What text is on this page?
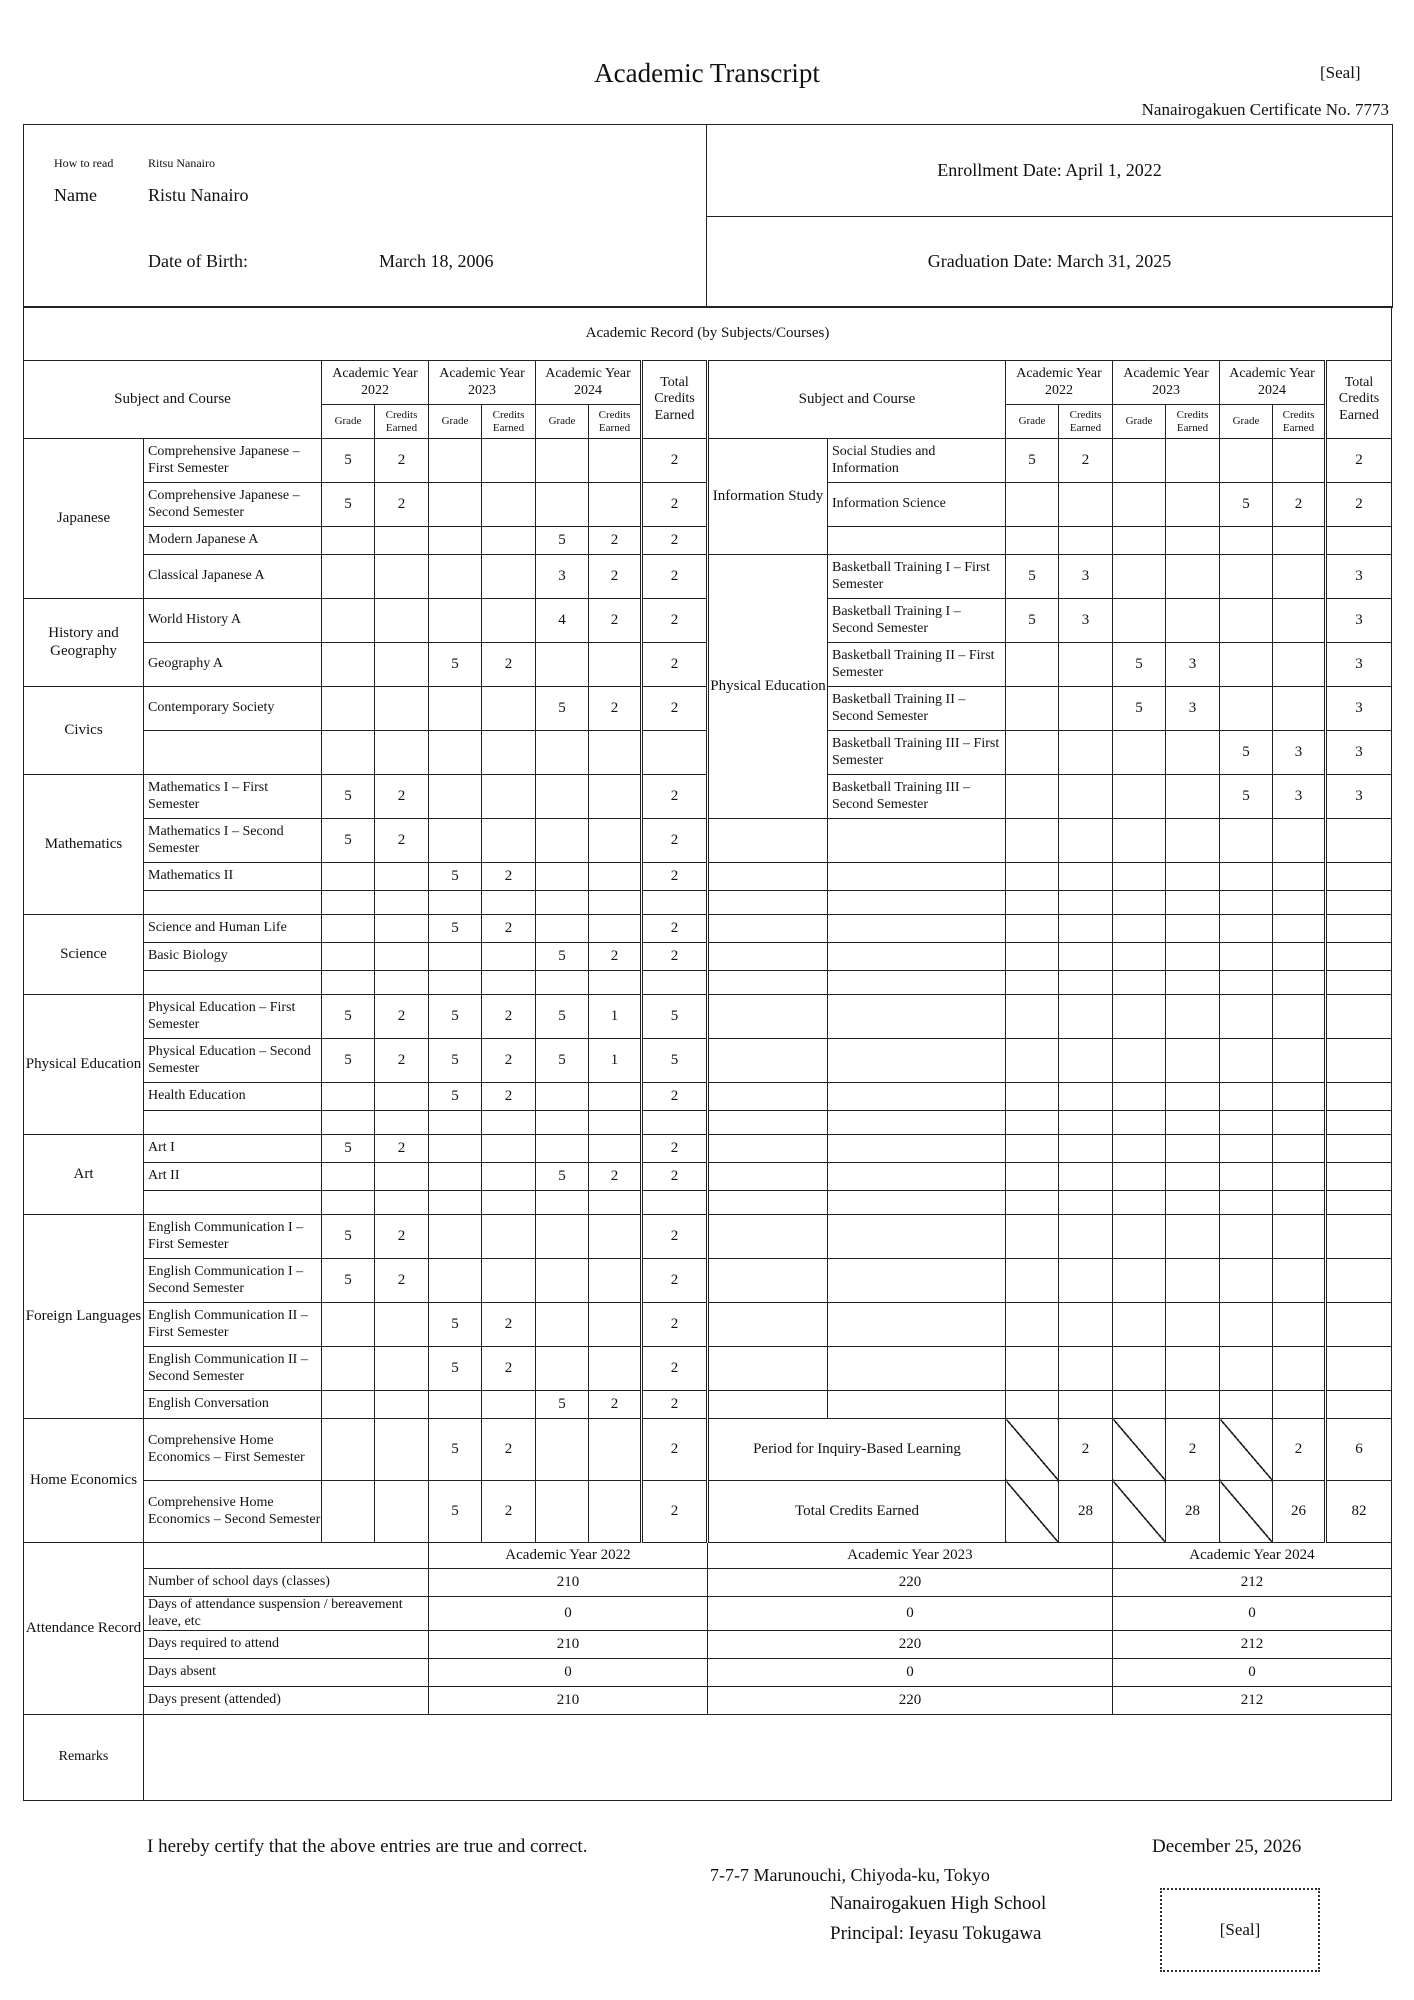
Academic Transcript	[Seal]
Nanairogakuen Certificate No. 7773
How to read	Ritsu Nanairo
Name	Ristu Nanairo
Date of Birth:	March 18, 2006
	Enrollment Date: April 1, 2022
Graduation Date: March 31, 2025
Academic Record (by Subjects/Courses)																	
Subject and Course		Academic Year 2022		Academic Year 2023		Academic Year 2024		Total Credits Earned	Subject and Course		Academic Year 2022		Academic Year 2023		Academic Year 2024		Total Credits Earned
		Grade	Credits Earned	Grade	Credits Earned	Grade	Credits Earned				Grade	Credits Earned	Grade	Credits Earned	Grade	Credits Earned	
Japanese	Comprehensive Japanese – First Semester	5	2					2	Information Study	Social Studies and Information	5	2					2
	Comprehensive Japanese – Second Semester	5	2					2		Information Science					5	2	2
	Modern Japanese A					5	2	2									
	Classical Japanese A					3	2	2	Physical Education	Basketball Training I – First Semester	5	3					3
History and Geography	World History A					4	2	2		Basketball Training I – Second Semester	5	3					3
	Geography A			5	2			2		Basketball Training II – First Semester			5	3			3
Civics	Contemporary Society					5	2	2		Basketball Training II – Second Semester			5	3			3
										Basketball Training III – First Semester					5	3	3
Mathematics	Mathematics I – First Semester	5	2					2		Basketball Training III – Second Semester					5	3	3
	Mathematics I – Second Semester	5	2					2									
	Mathematics II			5	2			2									

Science	Science and Human Life			5	2			2									
	Basic Biology					5	2	2									

Physical Education	Physical Education – First Semester	5	2	5	2	5	1	5									
	Physical Education – Second Semester	5	2	5	2	5	1	5									
	Health Education			5	2			2									

Art	Art I	5	2					2									
	Art II					5	2	2									

Foreign Languages	English Communication I – First Semester	5	2					2									
	English Communication I – Second Semester	5	2					2									
	English Communication II – First Semester			5	2			2									
	English Communication II – Second Semester			5	2			2									
	English Conversation					5	2	2									
Home Economics	Comprehensive Home Economics – First Semester			5	2			2	Period for Inquiry-Based Learning			2		2		2	6
	Comprehensive Home Economics – Second Semester			5	2			2	Total Credits Earned			28		28		26	82
Attendance Record				Academic Year 2022					Academic Year 2023				Academic Year 2024				
	Number of school days (classes)			210					220				212				
	Days of attendance suspension / bereavement leave, etc			0					0				0				
	Days required to attend			210					220				212				
	Days absent			0					0				0				
	Days present (attended)			210					220				212				
Remarks																	
I hereby certify that the above entries are true and correct.	December 25, 2026
7-7-7 Marunouchi, Chiyoda-ku, Tokyo
Nanairogakuen High School
Principal: Ieyasu Tokugawa	[Seal]
